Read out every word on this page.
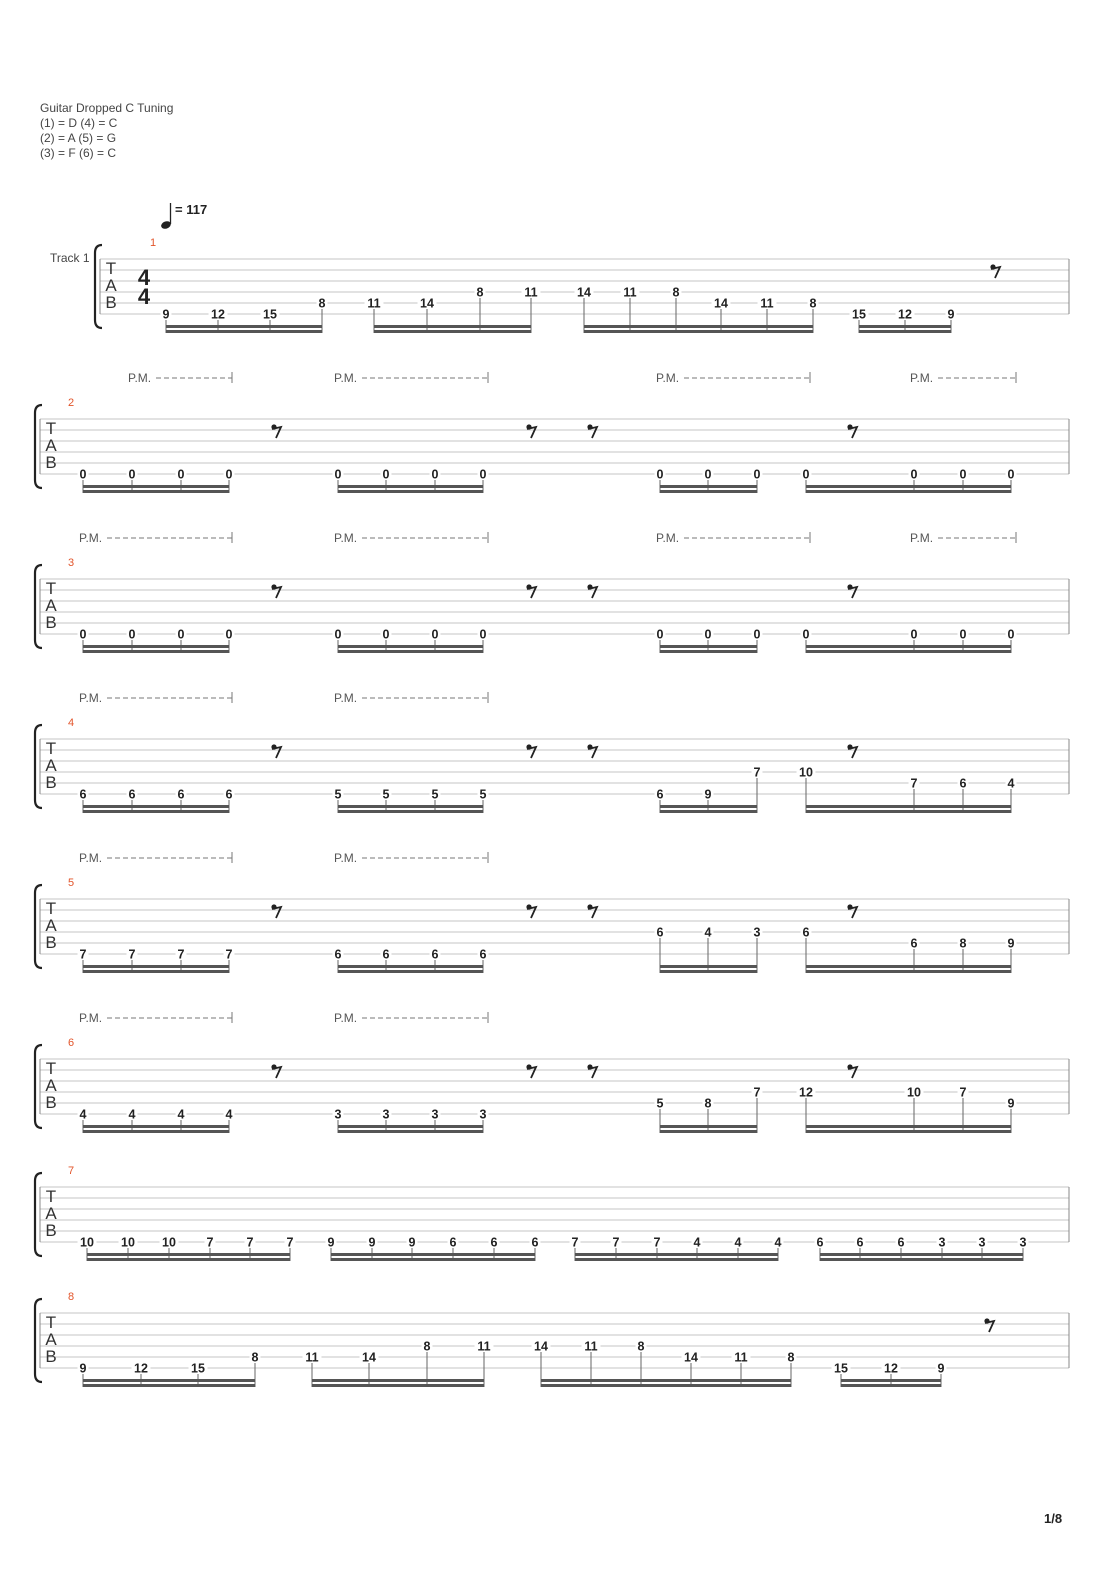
Guitar Dropped C Tuning
(1) = D (4) = C
(2) = A (5) = G
(3) = F (6) = C
T
A
B
1
9	12	15
8	11	14
8	11	14	11	8
14	11	8
15	12	9
4
4
Track 1
= 117
T
A
B
2
P.M.	P.M.	P.M.	P.M.
0	0	0	0	0	0	0	0	0	0	0	0	0	0	0
T
A
B
3
P.M.	P.M.	P.M.	P.M.
0	0	0	0	0	0	0	0	0	0	0	0	0	0	0
T
A
B
4
P.M.	P.M.
6	6	6	6	5	5	5	5	6	9
7	10
7	6	4
T
A
B
5
P.M.	P.M.
7	7	7	7	6	6	6	6
6	4	3	6
6	8	9
T
A
B
6
P.M.	P.M.
4	4	4	4	3	3	3	3
5	8
7	12	10	7
9
T
A
B
7
10 10 10 7	7	7	9	9	9	6	6	6	7	7	7	4	4	4	6	6	6	3	3	3
T
A
B
8
9	12	15
8	11	14
8	11	14	11	8
14	11	8
15	12	9
1/8
